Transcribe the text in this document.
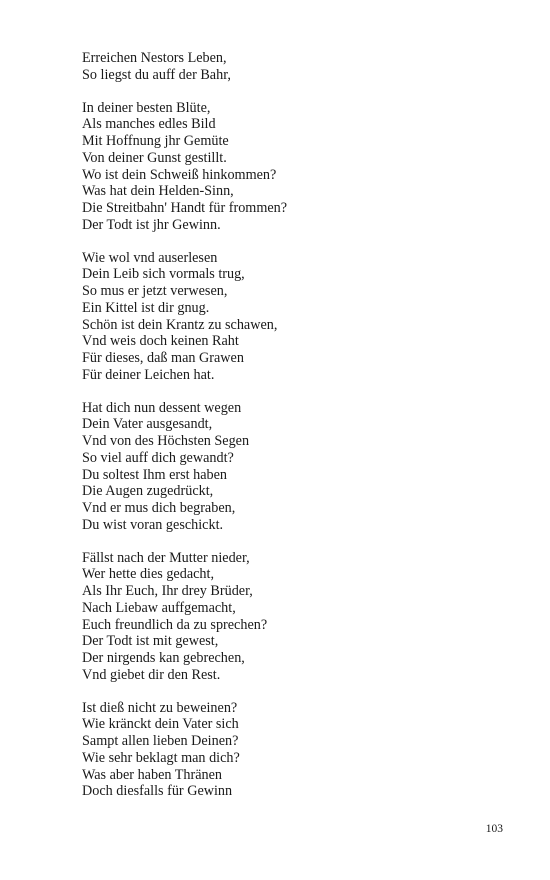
Erreichen Nestors Leben,
So liegst du auff der Bahr,
In deiner besten Blüte,
Als manches edles Bild
Mit Hoffnung jhr Gemüte
Von deiner Gunst gestillt.
Wo ist dein Schweiß hinkommen?
Was hat dein Helden-Sinn,
Die Streitbahn' Handt für frommen?
Der Todt ist jhr Gewinn.
Wie wol vnd auserlesen
Dein Leib sich vormals trug,
So mus er jetzt verwesen,
Ein Kittel ist dir gnug.
Schön ist dein Krantz zu schawen,
Vnd weis doch keinen Raht
Für dieses, daß man Grawen
Für deiner Leichen hat.
Hat dich nun dessent wegen
Dein Vater ausgesandt,
Vnd von des Höchsten Segen
So viel auff dich gewandt?
Du soltest Ihm erst haben
Die Augen zugedrückt,
Vnd er mus dich begraben,
Du wist voran geschickt.
Fällst nach der Mutter nieder,
Wer hette dies gedacht,
Als Ihr Euch, Ihr drey Brüder,
Nach Liebaw auffgemacht,
Euch freundlich da zu sprechen?
Der Todt ist mit gewest,
Der nirgends kan gebrechen,
Vnd giebet dir den Rest.
Ist dieß nicht zu beweinen?
Wie kränckt dein Vater sich
Sampt allen lieben Deinen?
Wie sehr beklagt man dich?
Was aber haben Thränen
Doch diesfalls für Gewinn
103
